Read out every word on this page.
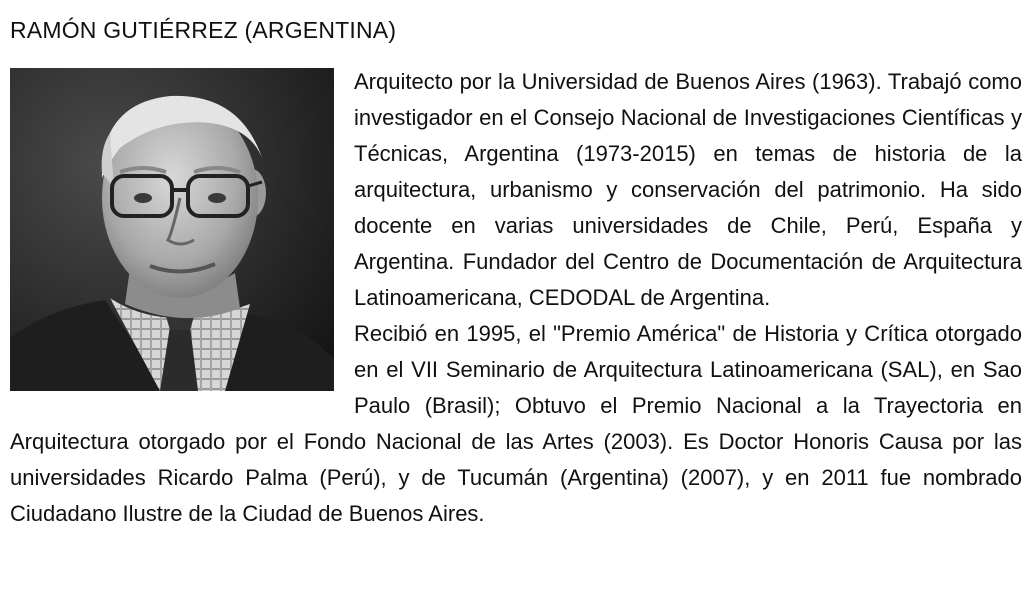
RAMÓN GUTIÉRREZ (ARGENTINA)

Arquitecto por la Universidad de Buenos Aires (1963). Trabajó como investigador en el Consejo Nacional de Investigaciones Científicas y Técnicas, Argentina (1973-2015) en temas de historia de la arquitectura, urbanismo y conservación del patrimonio. Ha sido docente en varias universidades de Chile, Perú, España y Argentina. Fundador del Centro de Documentación de Arquitectura Latinoamericana, CEDODAL de Argentina.

Recibió en 1995, el "Premio América" de Historia y Crítica otorgado en el VII Seminario de Arquitectura Latinoamericana (SAL), en Sao Paulo (Brasil); Obtuvo el Premio Nacional a la Trayectoria en Arquitectura otorgado por el Fondo Nacional de las Artes (2003). Es Doctor Honoris Causa por las universidades Ricardo Palma (Perú), y de Tucumán (Argentina) (2007), y en 2011 fue nombrado Ciudadano Ilustre de la Ciudad de Buenos Aires.
